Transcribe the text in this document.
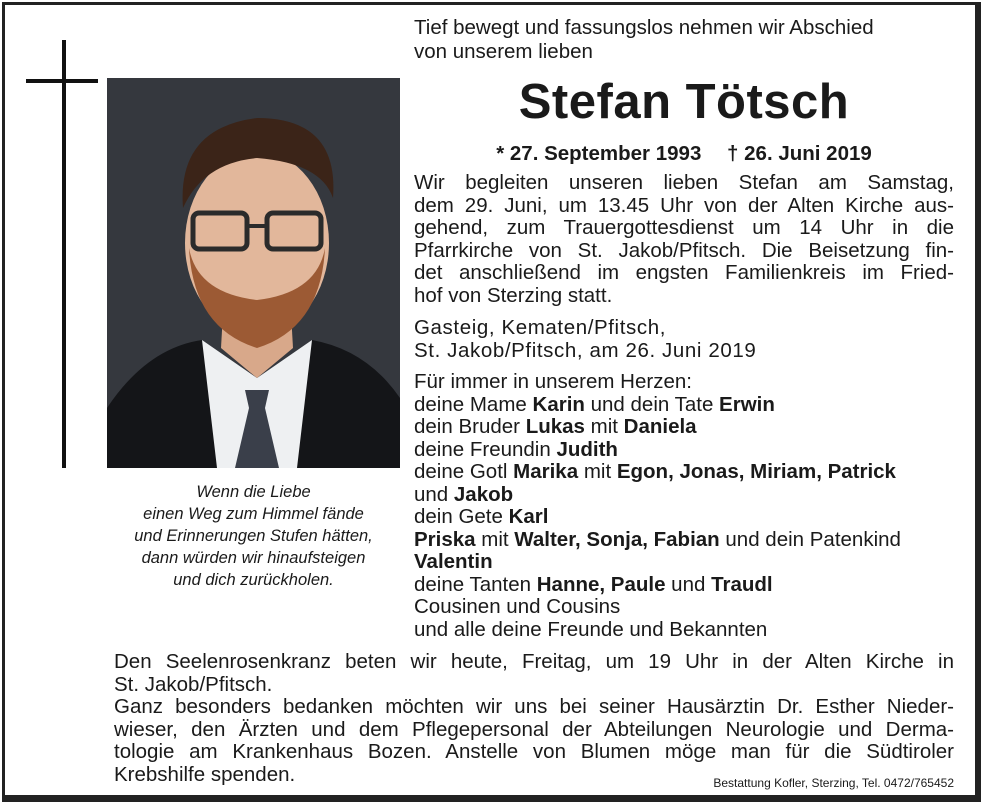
Wenn die Liebe
einen Weg zum Himmel fände
und Erinnerungen Stufen hätten,
dann würden wir hinaufsteigen
und dich zurückholen.
Tief bewegt und fassungslos nehmen wir Abschied
von unserem lieben
Stefan Tötsch
* 27. September 1993 † 26. Juni 2019
Wir begleiten unseren lieben Stefan am Samstag,
dem 29. Juni, um 13.45 Uhr von der Alten Kirche aus-
gehend, zum Trauergottesdienst um 14 Uhr in die
Pfarrkirche von St. Jakob/Pfitsch. Die Beisetzung fin-
det anschließend im engsten Familienkreis im Fried-
hof von Sterzing statt.
Gasteig, Kematen/Pfitsch,
St. Jakob/Pfitsch, am 26. Juni 2019
Für immer in unserem Herzen:
deine Mame Karin und dein Tate Erwin
dein Bruder Lukas mit Daniela
deine Freundin Judith
deine Gotl Marika mit Egon, Jonas, Miriam, Patrick
und Jakob
dein Gete Karl
Priska mit Walter, Sonja, Fabian und dein Patenkind
Valentin
deine Tanten Hanne, Paule und Traudl
Cousinen und Cousins
und alle deine Freunde und Bekannten
Den Seelenrosenkranz beten wir heute, Freitag, um 19 Uhr in der Alten Kirche in
St. Jakob/Pfitsch.
Ganz besonders bedanken möchten wir uns bei seiner Hausärztin Dr. Esther Nieder-
wieser, den Ärzten und dem Pflegepersonal der Abteilungen Neurologie und Derma-
tologie am Krankenhaus Bozen. Anstelle von Blumen möge man für die Südtiroler
Krebshilfe spenden.	Bestattung Kofler, Sterzing, Tel. 0472/765452
